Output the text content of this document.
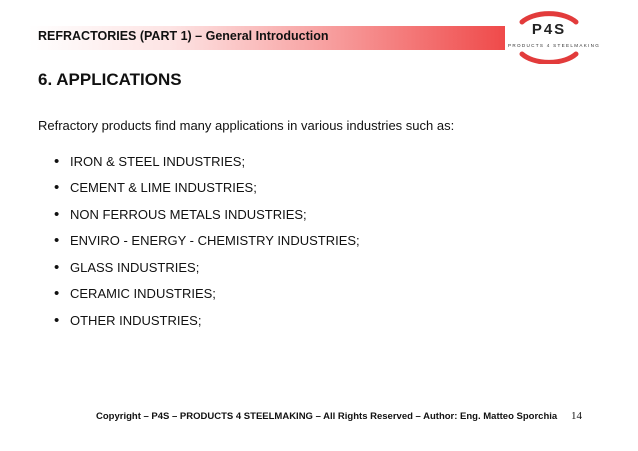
REFRACTORIES (PART 1) – General Introduction	P4S
PRODUCTS 4 STEELMAKING
6. APPLICATIONS
Refractory products find many applications in various industries such as:
• IRON & STEEL INDUSTRIES;
• CEMENT & LIME INDUSTRIES;
• NON FERROUS METALS INDUSTRIES;
• ENVIRO - ENERGY - CHEMISTRY INDUSTRIES;
• GLASS INDUSTRIES;
• CERAMIC INDUSTRIES;
• OTHER INDUSTRIES;
Copyright – P4S – PRODUCTS 4 STEELMAKING – All Rights Reserved – Author: Eng. Matteo Sporchia 14
